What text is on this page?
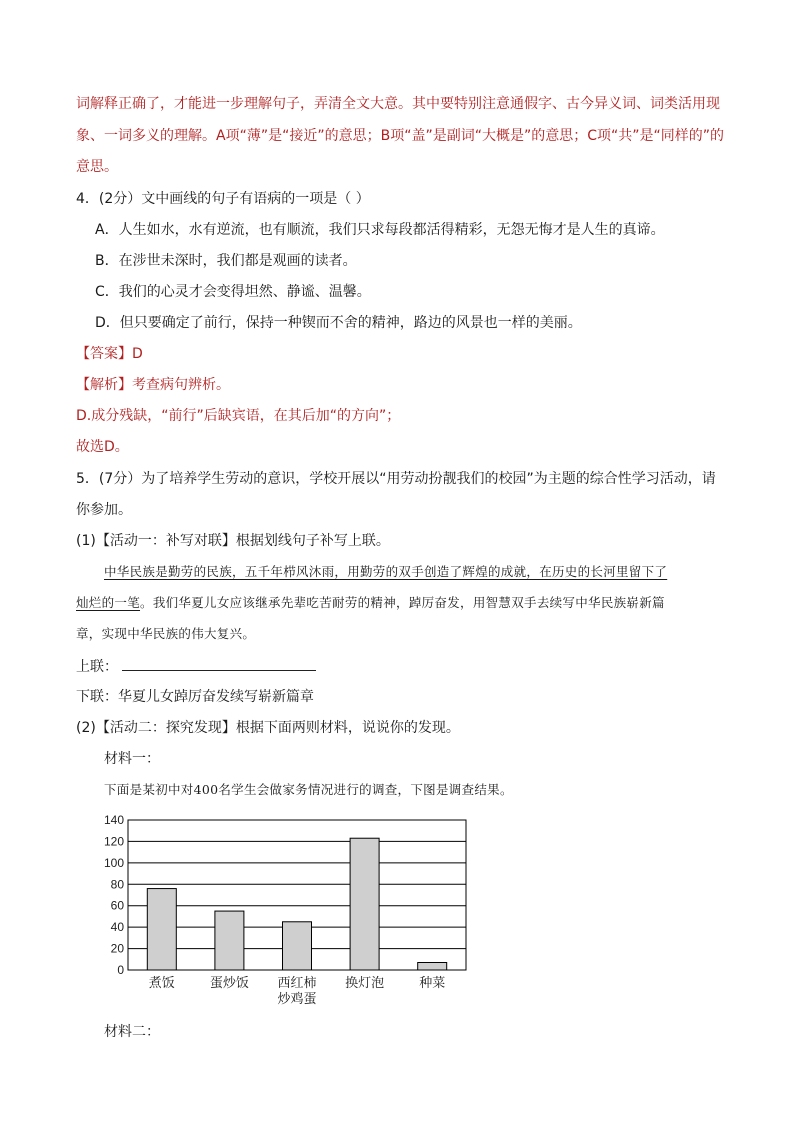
词解释正确了，才能进一步理解句子，弄清全文大意。其中要特别注意通假字、古今异义词、词类活用现
象、一词多义的理解。A项“薄”是“接近”的意思；B项“盖”是副词“大概是”的意思；C项“共”是“同样的”的
意思。
4．(2分）文中画线的句子有语病的一项是（ ）
A．人生如水，水有逆流，也有顺流，我们只求每段都活得精彩，无怨无悔才是人生的真谛。
B．在涉世未深时，我们都是观画的读者。
C．我们的心灵才会变得坦然、静谧、温馨。
D．但只要确定了前行，保持一种锲而不舍的精神，路边的风景也一样的美丽。
【答案】D
【解析】考查病句辨析。
D.成分残缺，“前行”后缺宾语，在其后加“的方向”；
故选D。
5．(7分）为了培养学生劳动的意识，学校开展以“用劳动扮靓我们的校园”为主题的综合性学习活动，请
你参加。
(1)【活动一：补写对联】根据划线句子补写上联。
中华民族是勤劳的民族，五千年栉风沐雨，用勤劳的双手创造了辉煌的成就，在历史的长河里留下了
灿烂的一笔。我们华夏儿女应该继承先辈吃苦耐劳的精神，踔厉奋发，用智慧双手去续写中华民族崭新篇
章，实现中华民族的伟大复兴。
上联：
下联：华夏儿女踔厉奋发续写崭新篇章
(2)【活动二：探究发现】根据下面两则材料，说说你的发现。
材料一：
下面是某初中对400名学生会做家务情况进行的调查，下图是调查结果。
0
20
40
60
80
100
120
140
煮饭	蛋炒饭 西红柿
炒鸡蛋
换灯泡	种菜
材料二：
